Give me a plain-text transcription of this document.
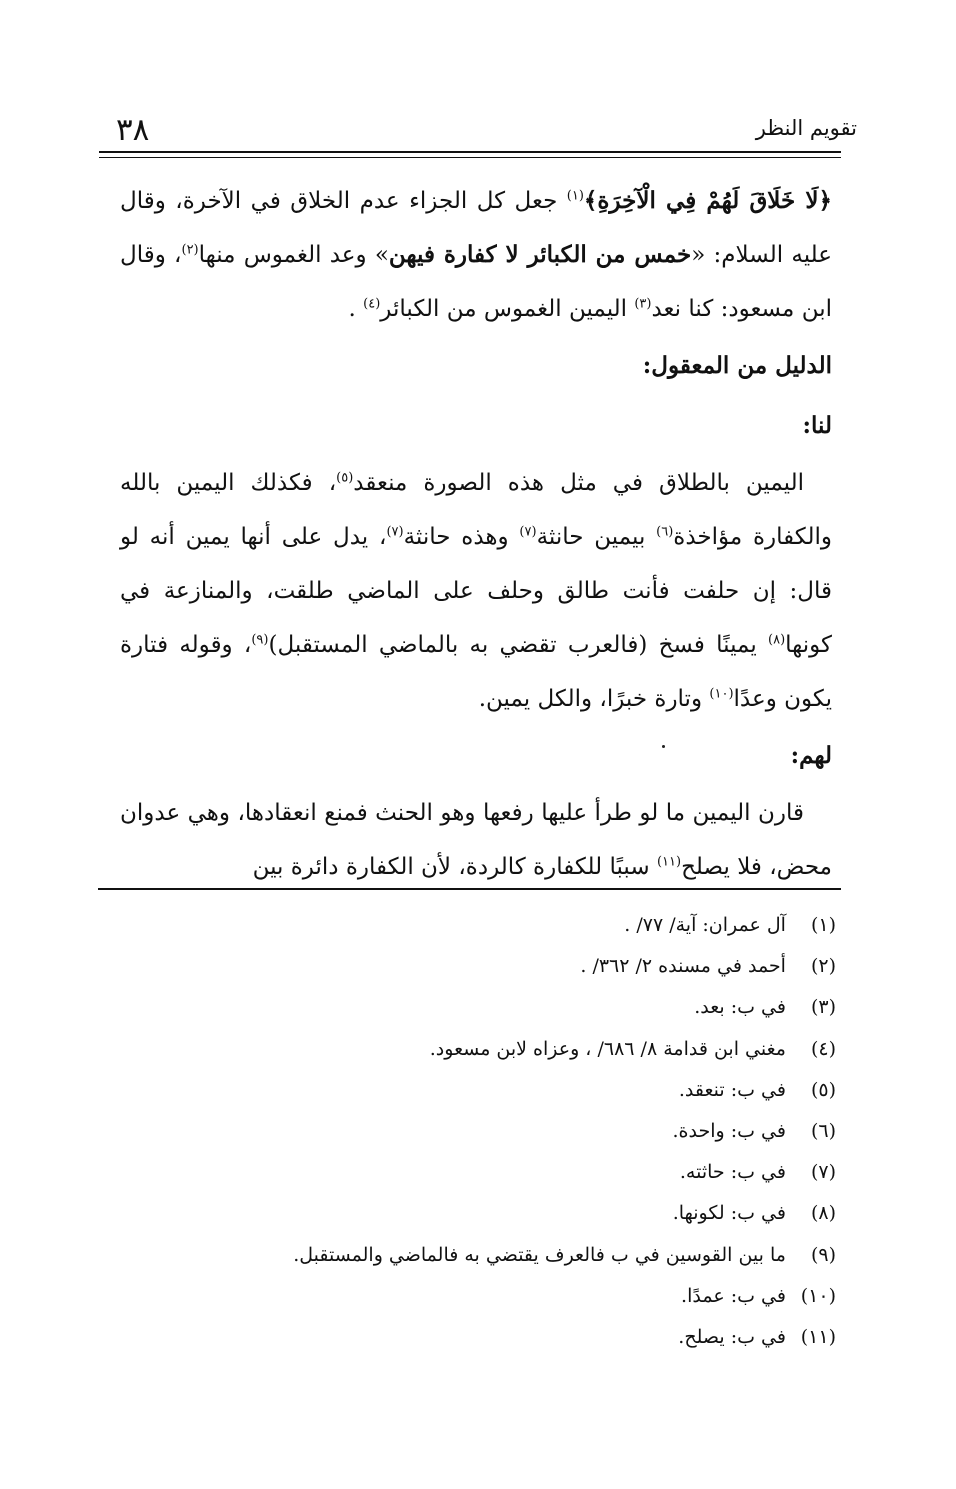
تقويم النظر
٣٨

﴿لَا خَلَاقَ لَهُمْ فِي الْآخِرَةِ﴾$^{(١)}$ جعل كل الجزاء عدم الخلاق في الآخرة، وقال عليه السلام: «خمس من الكبائر لا كفارة فيهن» وعد الغموس منها$^{(٢)}$، وقال ابن مسعود: كنا نعد$^{(٣)}$ اليمين الغموس من الكبائر$^{(٤)}$ .

الدليل من المعقول:
لنا:

اليمين بالطلاق في مثل هذه الصورة منعقد$^{(٥)}$، فكذلك اليمين بالله والكفارة مؤاخذة$^{(٦)}$ بيمين حانثة$^{(٧)}$ وهذه حانثة$^{(٧)}$، يدل على أنها يمين أنه لو قال: إن حلفت فأنت طالق وحلف على الماضي طلقت، والمنازعة في كونها$^{(٨)}$ يمينًا فسخ (فالعرب تقضي به بالماضي المستقبل)$^{(٩)}$، وقوله فتارة يكون وعدًا$^{(١٠)}$ وتارة خبرًا، والكل يمين.

لهم:

قارن اليمين ما لو طرأ عليها رفعها وهو الحنث فمنع انعقادها، وهي عدوان محض، فلا يصلح$^{(١١)}$ سببًا للكفارة كالردة، لأن الكفارة دائرة بين

(١) آل عمران: آية/ ٧٧/ .
(٢) أحمد في مسنده ٢/ ٣٦٢/ .
(٣) في ب: بعد.
(٤) مغني ابن قدامة ٨/ ٦٨٦/ ، وعزاه لابن مسعود.
(٥) في ب: تنعقد.
(٦) في ب: واحدة.
(٧) في ب: حاثته.
(٨) في ب: لكونها.
(٩) ما بين القوسين في ب فالعرف يقتضي به فالماضي والمستقبل.
(١٠) في ب: عمدًا.
(١١) في ب: يصلح.
